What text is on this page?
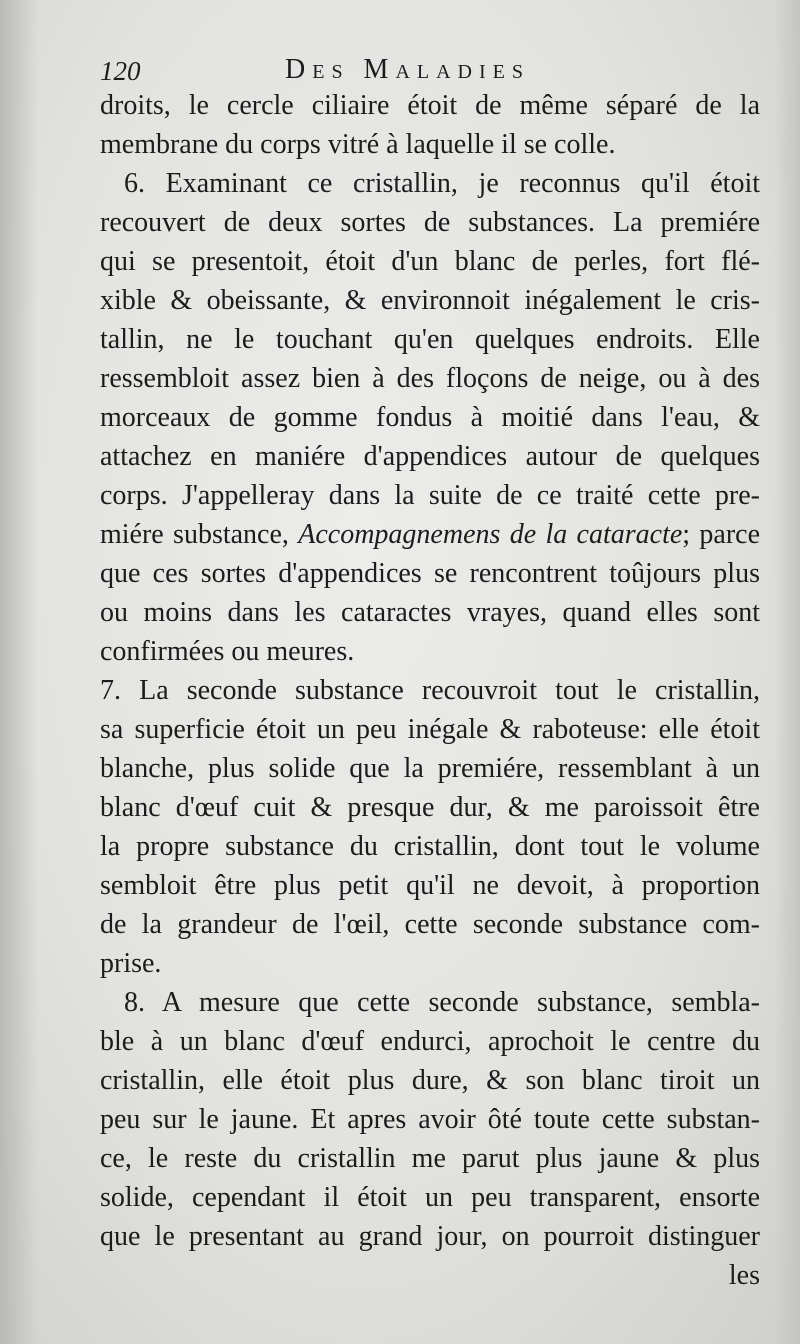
120	Des Maladies
droits, le cercle ciliaire étoit de même séparé de la
membrane du corps vitré à laquelle il se colle.
6. Examinant ce cristallin, je reconnus qu'il étoit
recouvert de deux sortes de substances. La premiére
qui se presentoit, étoit d'un blanc de perles, fort flé-
xible & obeissante, & environnoit inégalement le cris-
tallin, ne le touchant qu'en quelques endroits. Elle
ressembloit assez bien à des floçons de neige, ou à des
morceaux de gomme fondus à moitié dans l'eau, &
attachez en maniére d'appendices autour de quelques
corps. J'appelleray dans la suite de ce traité cette pre-
miére substance, Accompagnemens de la cataracte; parce
que ces sortes d'appendices se rencontrent toûjours plus
ou moins dans les cataractes vrayes, quand elles sont
confirmées ou meures.
7. La seconde substance recouvroit tout le cristallin,
sa superficie étoit un peu inégale & raboteuse: elle étoit
blanche, plus solide que la premiére, ressemblant à un
blanc d'œuf cuit & presque dur, & me paroissoit être
la propre substance du cristallin, dont tout le volume
sembloit être plus petit qu'il ne devoit, à proportion
de la grandeur de l'œil, cette seconde substance com-
prise.
8. A mesure que cette seconde substance, sembla-
ble à un blanc d'œuf endurci, aprochoit le centre du
cristallin, elle étoit plus dure, & son blanc tiroit un
peu sur le jaune. Et apres avoir ôté toute cette substan-
ce, le reste du cristallin me parut plus jaune & plus
solide, cependant il étoit un peu transparent, ensorte
que le presentant au grand jour, on pourroit distinguer
les
